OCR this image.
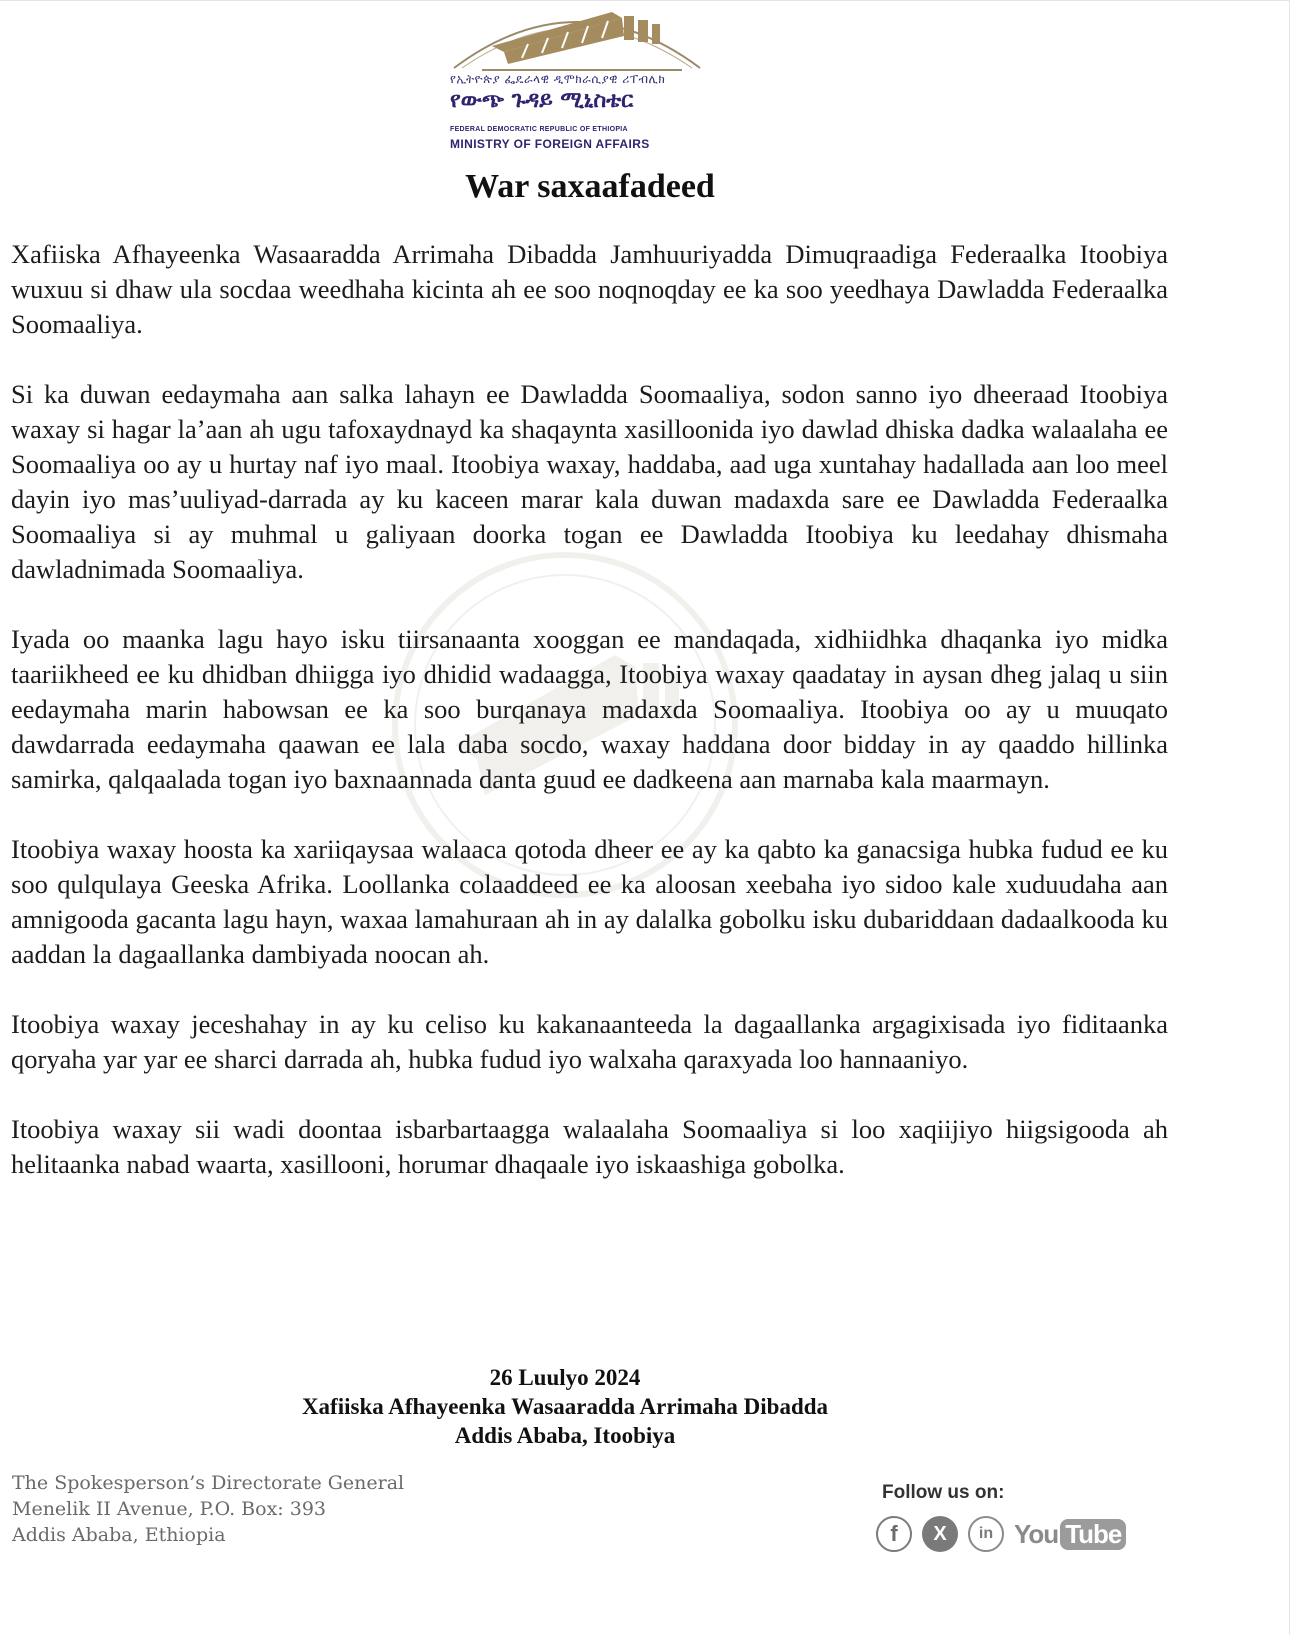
የኢትዮጵያ ፌዴራላዊ ዲሞክራሲያዊ ሪፐብሊክ
የውጭ ጉዳይ ሚኒስቴር
FEDERAL DEMOCRATIC REPUBLIC OF ETHIOPIA
MINISTRY OF FOREIGN AFFAIRS
War saxaafadeed

Xafiiska Afhayeenka Wasaaradda Arrimaha Dibadda Jamhuuriyadda Dimuqraadiga Federaalka Itoobiya wuxuu si dhaw ula socdaa weedhaha kicinta ah ee soo noqnoqday ee ka soo yeedhaya Dawladda Federaalka Soomaaliya.

Si ka duwan eedaymaha aan salka lahayn ee Dawladda Soomaaliya, sodon sanno iyo dheeraad Itoobiya waxay si hagar la’aan ah ugu tafoxaydnayd ka shaqaynta xasilloonida iyo dawlad dhiska dadka walaalaha ee Soomaaliya oo ay u hurtay naf iyo maal. Itoobiya waxay, haddaba, aad uga xuntahay hadallada aan loo meel dayin iyo mas’uuliyad-darrada ay ku kaceen marar kala duwan madaxda sare ee Dawladda Federaalka Soomaaliya si ay muhmal u galiyaan doorka togan ee Dawladda Itoobiya ku leedahay dhismaha dawladnimada Soomaaliya.

Iyada oo maanka lagu hayo isku tiirsanaanta xooggan ee mandaqada, xidhiidhka dhaqanka iyo midka taariikheed ee ku dhidban dhiigga iyo dhidid wadaagga, Itoobiya waxay qaadatay in aysan dheg jalaq u siin eedaymaha marin habowsan ee ka soo burqanaya madaxda Soomaaliya. Itoobiya oo ay u muuqato dawdarrada eedaymaha qaawan ee lala daba socdo, waxay haddana door bidday in ay qaaddo hillinka samirka, qalqaalada togan iyo baxnaannada danta guud ee dadkeena aan marnaba kala maarmayn.

Itoobiya waxay hoosta ka xariiqaysaa walaaca qotoda dheer ee ay ka qabto ka ganacsiga hubka fudud ee ku soo qulqulaya Geeska Afrika. Loollanka colaaddeed ee ka aloosan xeebaha iyo sidoo kale xuduudaha aan amnigooda gacanta lagu hayn, waxaa lamahuraan ah in ay dalalka gobolku isku dubariddaan dadaalkooda ku aaddan la dagaallanka dambiyada noocan ah.

Itoobiya waxay jeceshahay in ay ku celiso ku kakanaanteeda la dagaallanka argagixisada iyo fiditaanka qoryaha yar yar ee sharci darrada ah, hubka fudud iyo walxaha qaraxyada loo hannaaniyo.

Itoobiya waxay sii wadi doontaa isbarbartaagga walaalaha Soomaaliya si loo xaqiijiyo hiigsigooda ah helitaanka nabad waarta, xasillooni, horumar dhaqaale iyo iskaashiga gobolka.

26 Luulyo 2024
Xafiiska Afhayeenka Wasaaradda Arrimaha Dibadda
Addis Ababa, Itoobiya
The Spokesperson’s Directorate General
Menelik II Avenue, P.O. Box: 393
Addis Ababa, Ethiopia
Follow us on:
f X in You Tube
